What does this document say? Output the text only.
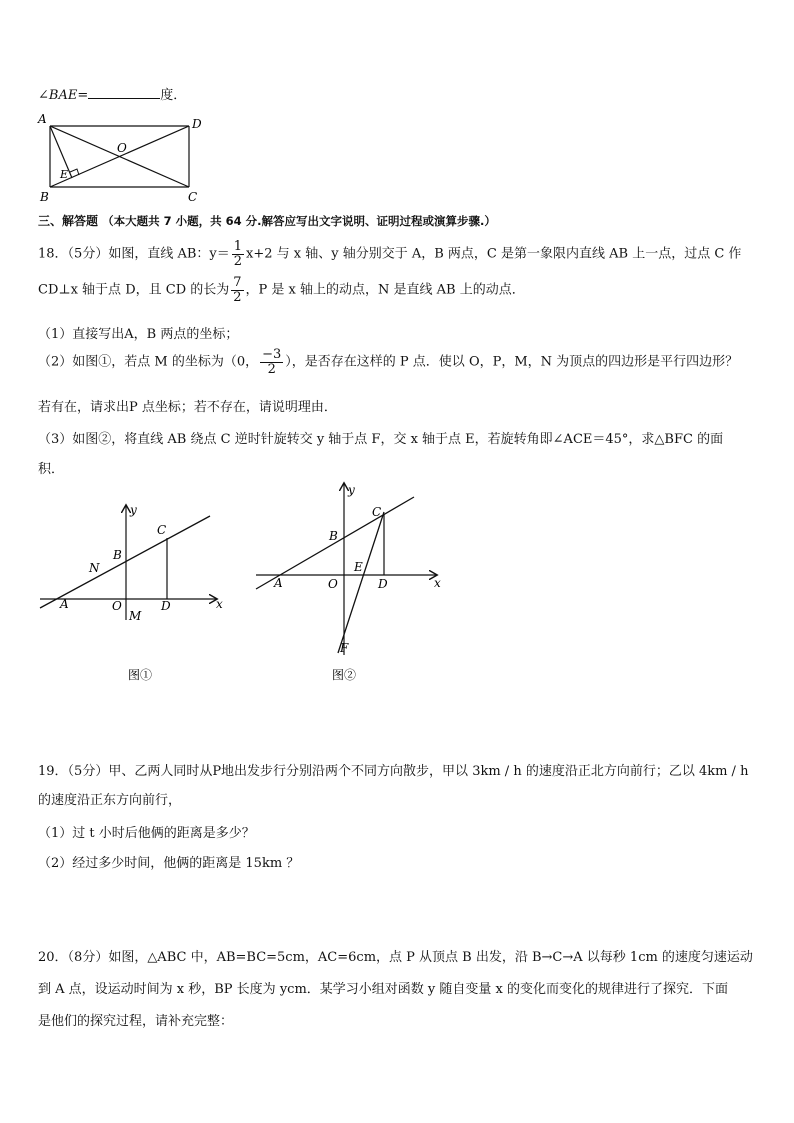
∠BAE=	度．
A	D
O
E
B	C
三、解答题 （本大题共 7 小题，共 64 分.解答应写出文字说明、证明过程或演算步骤.）
18．（5分）如图，直线 AB：$y= \frac{1}{2} x+2$ 与 x 轴、y 轴分别交于 A，B 两点，C 是第一象限内直线 AB 上一点，过点 C 作
CD⊥x 轴于点 D，且 CD 的长为 $\frac{7}{2}$ ，P 是 x 轴上的动点，N 是直线 AB 上的动点．
（1）直接写出A，B 两点的坐标；
（2）如图①，若点 M 的坐标为（0， $\frac{-3}{2}$ ），是否存在这样的 P 点．使以 O，P，M，N 为顶点的四边形是平行四边形？
若有在，请求出P 点坐标；若不存在，请说明理由．
（3）如图②，将直线 AB 绕点 C 逆时针旋转交 y 轴于点 F，交 x 轴于点 E，若旋转角即∠ACE＝45°，求△BFC 的面
积．
y
x
C
B
N
A	O	D
M
图①
y
x
C
B
E
A	O	D
F
图②
19．（5分）甲、乙两人同时从P地出发步行分别沿两个不同方向散步，甲以 3km / h 的速度沿正北方向前行；乙以 4km / h
的速度沿正东方向前行，
（1）过 t 小时后他俩的距离是多少？
（2）经过多少时间，他俩的距离是 15km ？
20．（8分）如图，△ABC 中，AB=BC=5cm，AC=6cm，点 P 从顶点 B 出发，沿 B→C→A 以每秒 1cm 的速度匀速运动
到 A 点，设运动时间为 x 秒，BP 长度为 ycm．某学习小组对函数 y 随自变量 x 的变化而变化的规律进行了探究．下面
是他们的探究过程，请补充完整：
